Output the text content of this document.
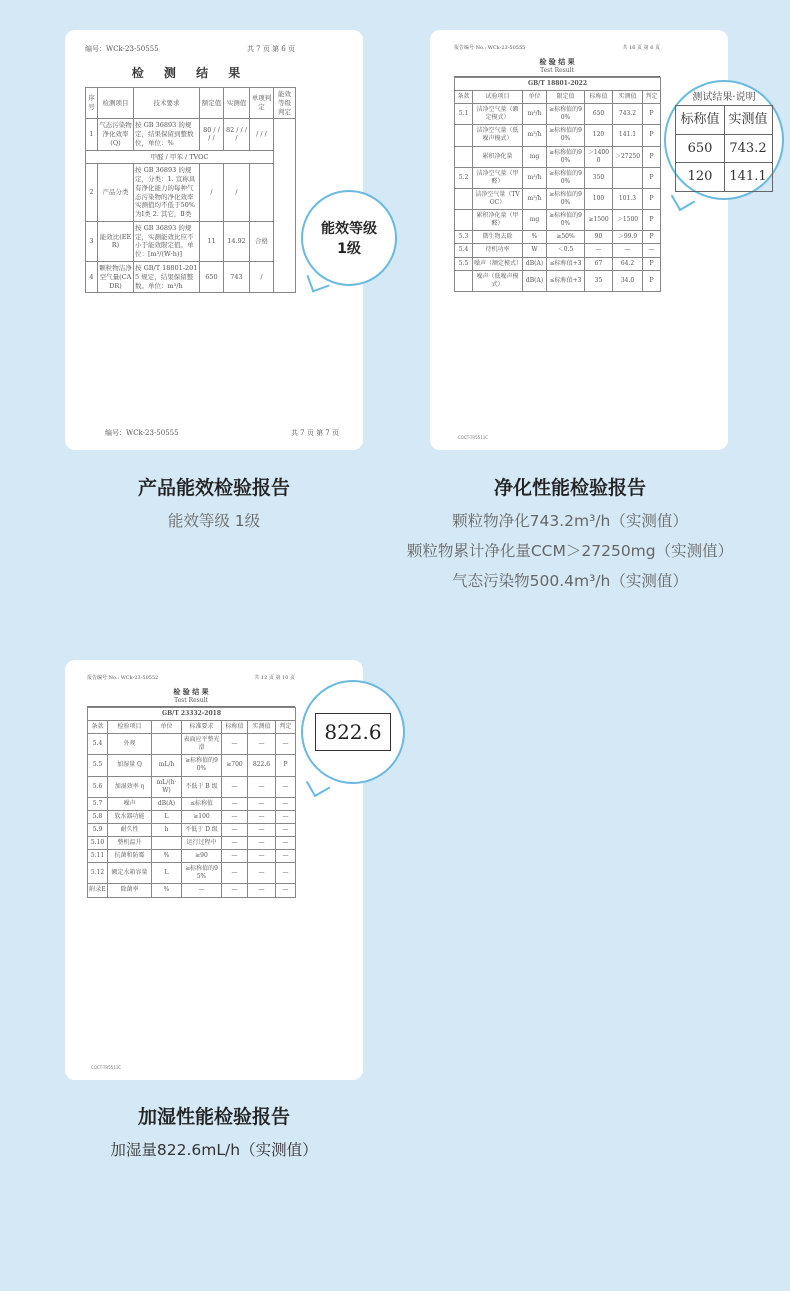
编号：WCk-23-50555	共 7 页 第 6 页
检 测 结 果
序号	检测项目	技术要求	额定值	实测值	单项判定	能效等级判定
1	气态污染物净化效率(Q)	按 GB 36893 的规定，结果保留到整数位，单位：%	80 / / / /	82 / / / /	/ / /	
甲醛 / 甲苯 / TVOC						
2	产品分类	按 GB 36893 的规定，分类：1. 宣称具有净化能力的每种气态污染物的净化效率实测值均不低于50%为Ⅰ类 2. 其它，Ⅱ类	/	/		
3	能效比(EER)	按 GB 36893 的规定，实测能效比应不小于能效限定值。单位：[m³/(W·h)]	11	14.92	合格	
4	颗粒物洁净空气量(CADR)	按 GB/T 18801-2015 规定，结果保留整数。单位：m³/h	650	743	/	
编号：WCk-23-50555	共 7 页 第 7 页
能效等级
1级
报告编号 No.: WCk-23-50555	共 16 页 第 6 页
检 验 结 果
Test Result
GB/T 18801-2022						
条款	试验项目	单位	限定值	标称值	实测值	判定
5.1	洁净空气量（额定模式）	m³/h	≥标称值的90%	650	743.2	P
	洁净空气量（低噪声模式）	m³/h	≥标称值的90%	120	141.1	P
	累积净化量	mg	≥标称值的90%	＞14000	＞27250	P
5.2	洁净空气量（甲醛）	m³/h	≥标称值的90%	350		P
	洁净空气量（TVOC）	m³/h	≥标称值的90%	100	101.3	P
	累积净化量（甲醛）	mg	≥标称值的90%	≥1500	＞1500	P
5.3	微生物去除	%	≥50%	90	＞99.9	P
5.4	待机功率	W	＜0.5	—	—	—
5.5	噪声（额定模式）	dB(A)	≤标称值+3	67	64.2	P
	噪声（低噪声模式）	dB(A)	≤标称值+3	35	34.0	P
COCT-TR5511C
测试结果·说明
标称值	实测值
650	743.2
120	141.1
报告编号 No.: WCk-23-50552	共 12 页 第 10 页
检 验 结 果
Test Result
GB/T 23332-2018						
条款	检验项目	单位	标准要求	标称值	实测值	判定
5.4	外观		表面应平整光滑	—	—	—
5.5	加湿量 Q	mL/h	≥标称值的90%	≥700	822.6	P
5.6	加湿效率 η	mL/(h·W)	不低于 B 级	—	—	—
5.7	噪声	dB(A)	≤标称值	—	—	—
5.8	软水器功能	L	≥100	—	—	—
5.9	耐久性	h	不低于 D 级	—	—	—
5.10	整机温升		运行过程中	—	—	—
5.11	抗菌和防霉	%	≥90	—	—	—
5.12	额定水箱容量	L	≥标称值的95%	—	—	—
附录E	除菌率	%	—	—	—	—
COCT-TR5511C
822.6
产品能效检验报告

能效等级 1级

净化性能检验报告

颗粒物净化743.2m³/h（实测值）

颗粒物累计净化量CCM＞27250mg（实测值）

气态污染物500.4m³/h（实测值）

加湿性能检验报告

加湿量822.6mL/h（实测值）
